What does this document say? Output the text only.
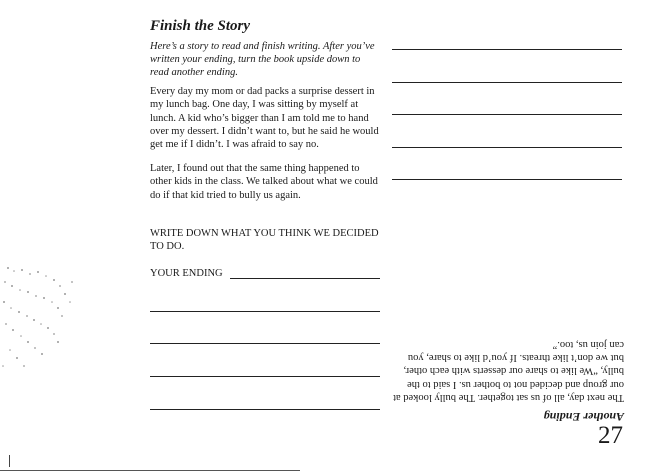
Finish the Story
Here’s a story to read and finish writing. After you’ve written your ending, turn the book upside down to read another ending.
Every day my mom or dad packs a surprise dessert in my lunch bag. One day, I was sitting by myself at lunch. A kid who’s bigger than I am told me to hand over my dessert. I didn’t want to, but he said he would get me if I didn’t. I was afraid to say no.
Later, I found out that the same thing happened to other kids in the class. We talked about what we could do if that kid tried to bully us again.
WRITE DOWN WHAT YOU THINK WE DECIDED TO DO.
YOUR ENDING
Another Ending
The next day, all of us sat together. The bully looked at our group and decided not to bother us. I said to the bully, “We like to share our desserts with each other, but we don’t like threats. If you’d like to share, you can join us, too.”
27
